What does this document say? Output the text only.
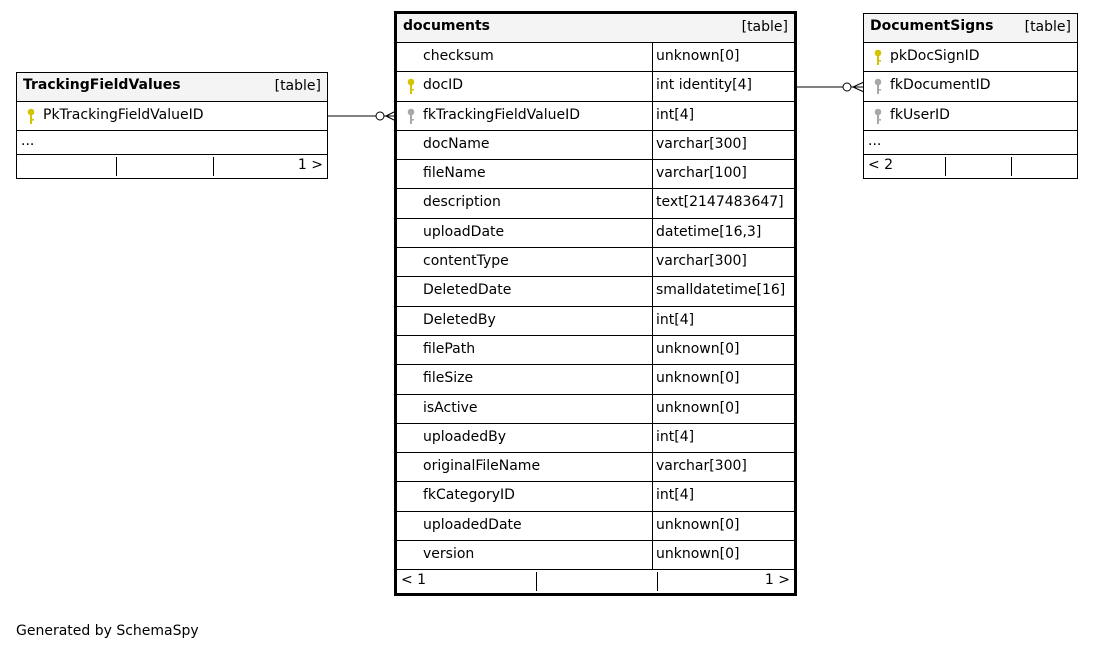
TrackingFieldValues	[table]
PkTrackingFieldValueID
...
1 >
documents	[table]
checksum	unknown[0]
docID	int identity[4]
fkTrackingFieldValueID	int[4]
docName	varchar[300]
fileName	varchar[100]
description	text[2147483647]
uploadDate	datetime[16,3]
contentType	varchar[300]
DeletedDate	smalldatetime[16]
DeletedBy	int[4]
filePath	unknown[0]
fileSize	unknown[0]
isActive	unknown[0]
uploadedBy	int[4]
originalFileName	varchar[300]
fkCategoryID	int[4]
uploadedDate	unknown[0]
version	unknown[0]
< 1	1 >
DocumentSigns [table]
pkDocSignID
fkDocumentID
fkUserID
...
< 2
Generated by SchemaSpy
